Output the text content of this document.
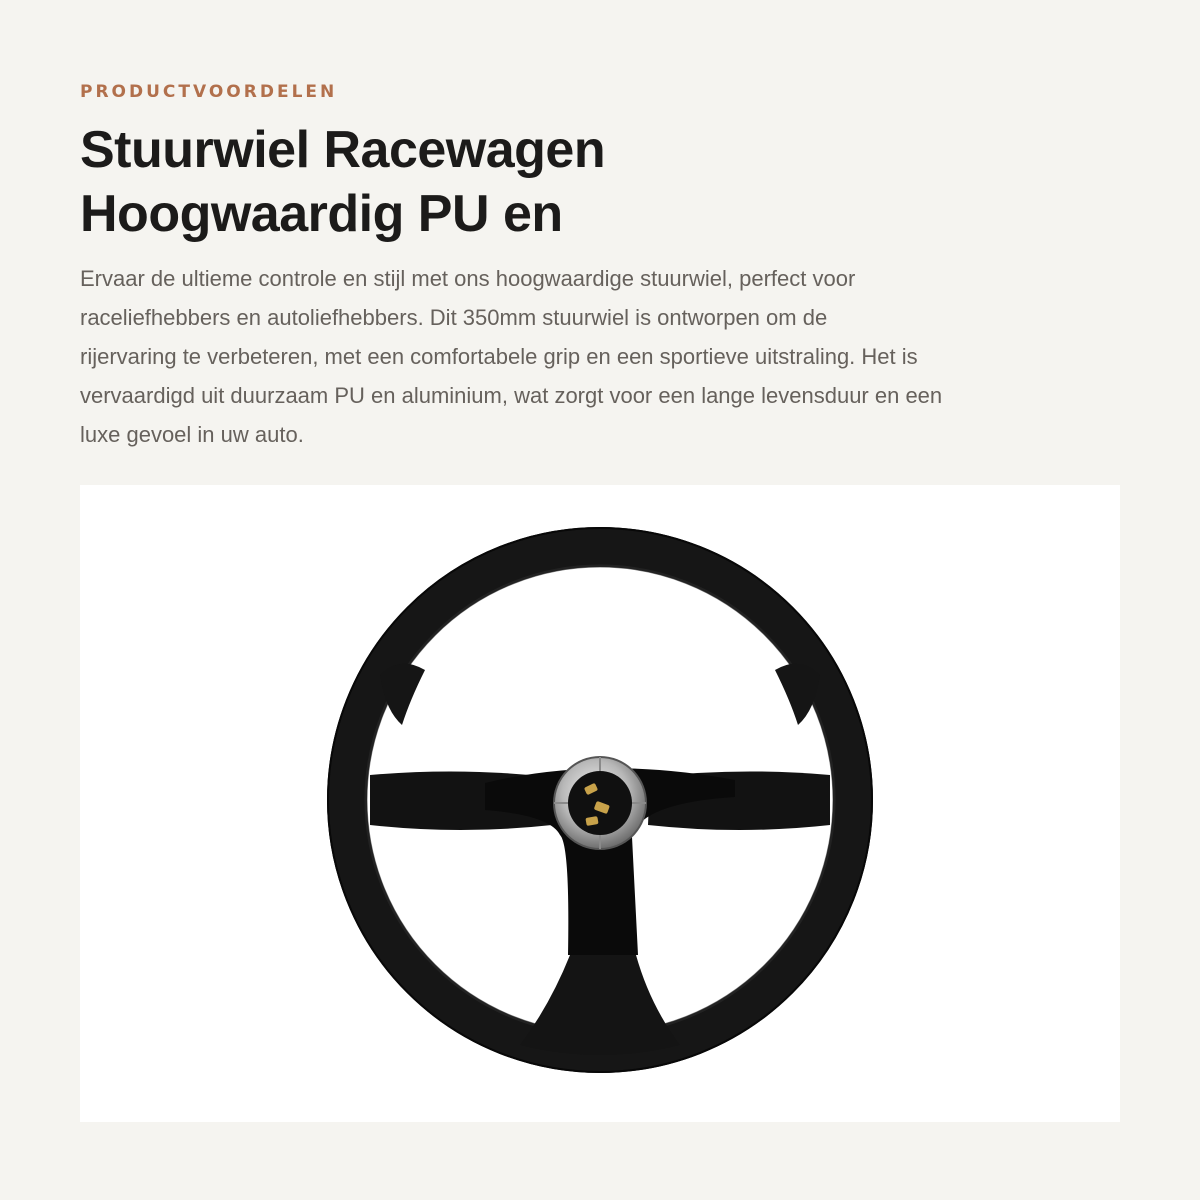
PRODUCTVOORDELEN

Stuurwiel Racewagen
Hoogwaardig PU en

Ervaar de ultieme controle en stijl met ons hoogwaardige stuurwiel, perfect voor
raceliefhebbers en autoliefhebbers. Dit 350mm stuurwiel is ontworpen om de
rijervaring te verbeteren, met een comfortabele grip en een sportieve uitstraling. Het is
vervaardigd uit duurzaam PU en aluminium, wat zorgt voor een lange levensduur en een
luxe gevoel in uw auto.
